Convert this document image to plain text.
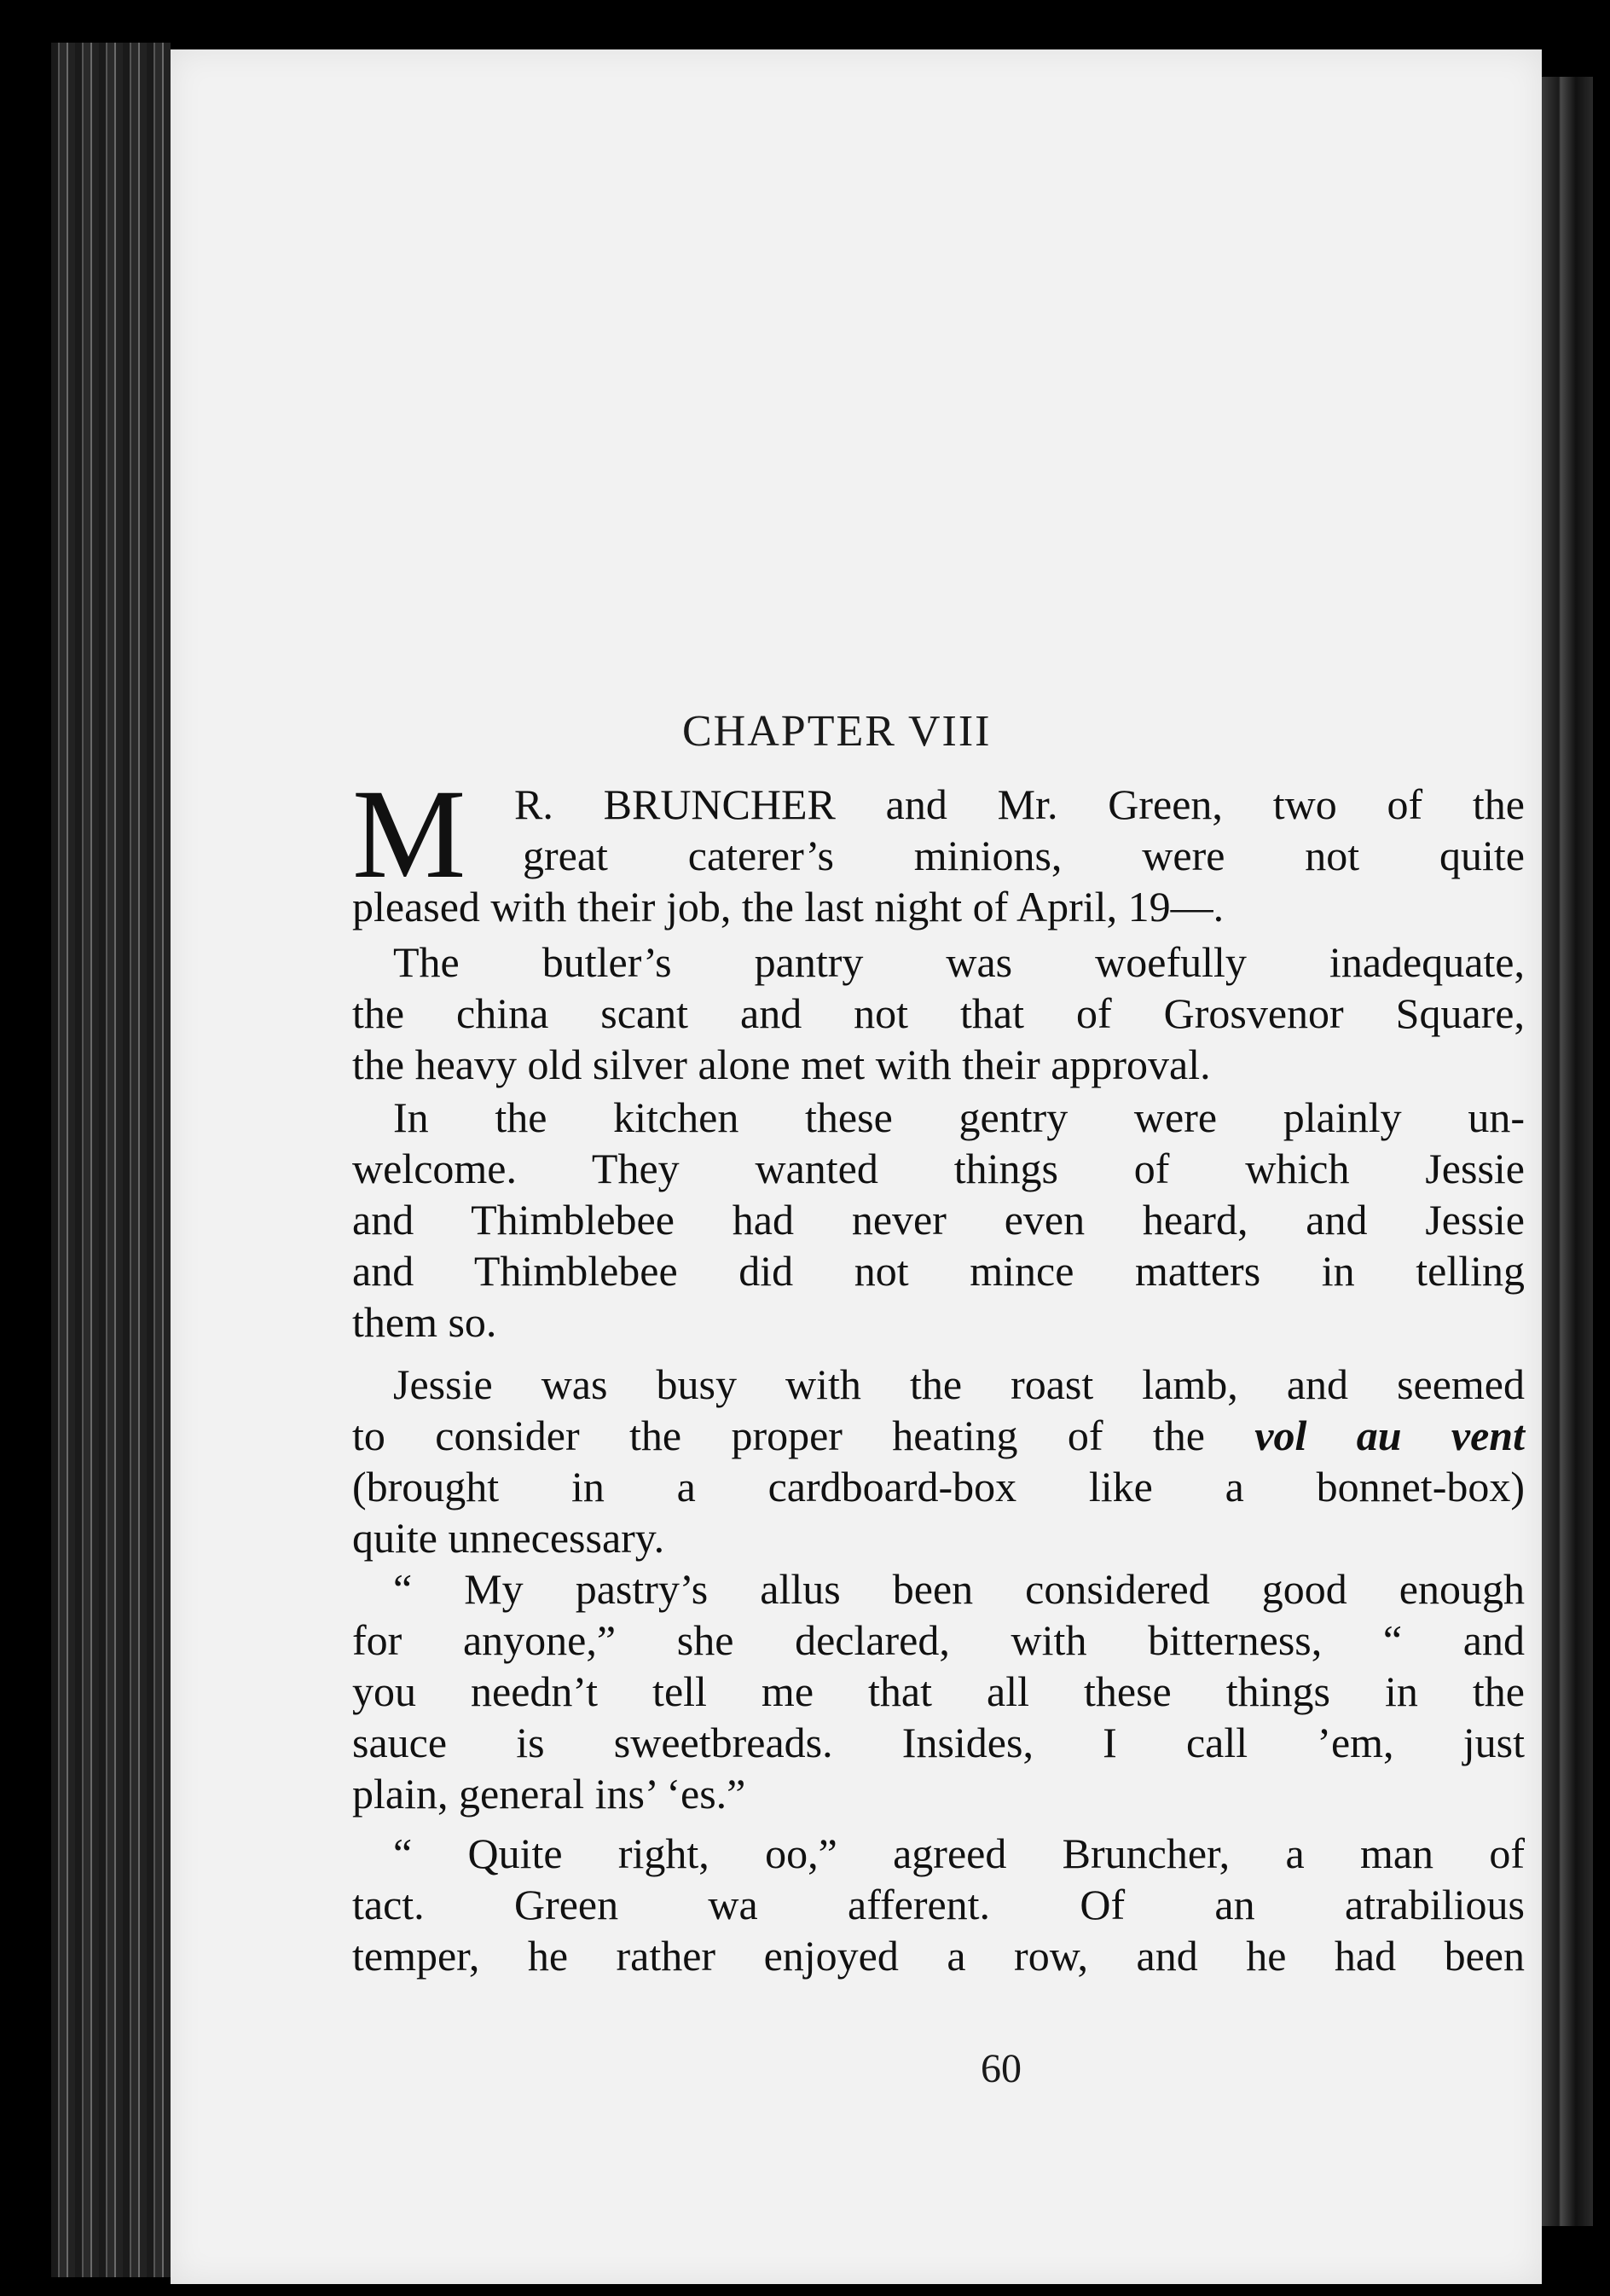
CHAPTER VIII
M R. BRUNCHER and Mr. Green, two of the
great caterer’s minions, were not quite
pleased with their job, the last night of April, 19—.
The butler’s pantry was woefully inadequate,
the china scant and not that of Grosvenor Square,
the heavy old silver alone met with their approval.
In the kitchen these gentry were plainly un-
welcome. They wanted things of which Jessie
and Thimblebee had never even heard, and Jessie
and Thimblebee did not mince matters in telling
them so.
Jessie was busy with the roast lamb, and seemed
to consider the proper heating of the vol au vent
(brought in a cardboard-box like a bonnet-box)
quite unnecessary.
“ My pastry’s allus been considered good enough
for anyone,” she declared, with bitterness, “ and
you needn’t tell me that all these things in the
sauce is sweetbreads. Insides, I call ’em, just
plain, general ins’ ‘es.”
“ Quite right, oo,” agreed Bruncher, a man of
tact. Green wa afferent. Of an atrabilious
temper, he rather enjoyed a row, and he had been
60
